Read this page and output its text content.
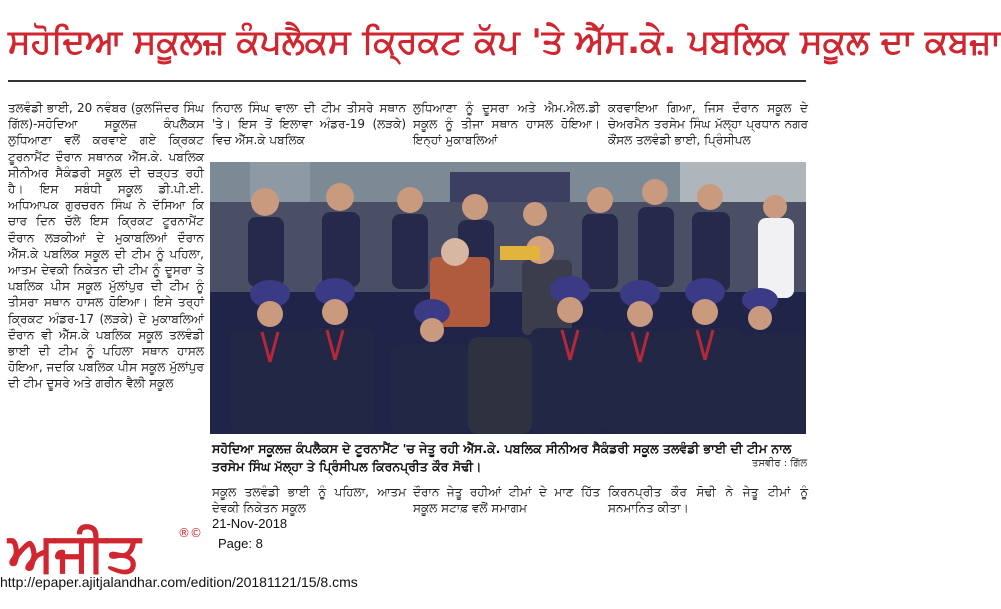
ਸਹੋਦਿਆ ਸਕੂਲਜ਼ ਕੰਪਲੈਕਸ ਕ੍ਰਿਕਟ ਕੱਪ 'ਤੇ ਐੱਸ.ਕੇ. ਪਬਲਿਕ ਸਕੂਲ ਦਾ ਕਬਜ਼ਾ
ਤਲਵੰਡੀ ਭਾਈ, 20 ਨਵੰਬਰ (ਕੁਲਜਿੰਦਰ ਸਿੰਘ ਗਿੱਲ)-ਸਹੋਦਿਆ ਸਕੂਲਜ਼ ਕੰਪਲੈਕਸ ਲੁਧਿਆਣਾ ਵਲੋਂ ਕਰਵਾਏ ਗਏ ਕ੍ਰਿਕਟ ਟੂਰਨਾਮੈਂਟ ਦੌਰਾਨ ਸਥਾਨਕ ਐੱਸ.ਕੇ. ਪਬਲਿਕ ਸੀਨੀਅਰ ਸੈਕੰਡਰੀ ਸਕੂਲ ਦੀ ਚੜ੍ਹਤ ਰਹੀ ਹੈ। ਇਸ ਸਬੰਧੀ ਸਕੂਲ ਡੀ.ਪੀ.ਈ. ਅਧਿਆਪਕ ਗੁਰਚਰਨ ਸਿੰਘ ਨੇ ਦੱਸਿਆ ਕਿ ਚਾਰ ਦਿਨ ਚੱਲੇ ਇਸ ਕ੍ਰਿਕਟ ਟੂਰਨਾਮੈਂਟ ਦੌਰਾਨ ਲੜਕੀਆਂ ਦੇ ਮੁਕਾਬਲਿਆਂ ਦੌਰਾਨ ਐੱਸ.ਕੇ ਪਬਲਿਕ ਸਕੂਲ ਦੀ ਟੀਮ ਨੂੰ ਪਹਿਲਾ, ਆਤਮ ਦੇਵਕੀ ਨਿਕੇਤਨ ਦੀ ਟੀਮ ਨੂੰ ਦੂਸਰਾ ਤੇ ਪਬਲਿਕ ਪੀਸ ਸਕੂਲ ਮੁੱਲਾਂਪੁਰ ਦੀ ਟੀਮ ਨੂੰ ਤੀਸਰਾ ਸਥਾਨ ਹਾਸਲ ਹੋਇਆ। ਇਸੇ ਤਰ੍ਹਾਂ ਕ੍ਰਿਕਟ ਅੰਡਰ-17 (ਲੜਕੇ) ਦੇ ਮੁਕਾਬਲਿਆਂ ਦੌਰਾਨ ਵੀ ਐੱਸ.ਕੇ ਪਬਲਿਕ ਸਕੂਲ ਤਲਵੰਡੀ ਭਾਈ ਦੀ ਟੀਮ ਨੂੰ ਪਹਿਲਾ ਸਥਾਨ ਹਾਸਲ ਹੋਇਆ, ਜਦਕਿ ਪਬਲਿਕ ਪੀਸ ਸਕੂਲ ਮੁੱਲਾਂਪੁਰ ਦੀ ਟੀਮ ਦੂਸਰੇ ਅਤੇ ਗਰੀਨ ਵੈਲੀ ਸਕੂਲ
ਨਿਹਾਲ ਸਿੰਘ ਵਾਲਾ ਦੀ ਟੀਮ ਤੀਸਰੇ ਸਥਾਨ 'ਤੇ। ਇਸ ਤੋਂ ਇਲਾਵਾ ਅੰਡਰ-19 (ਲੜਕੇ) ਵਿਚ ਐੱਸ.ਕੇ ਪਬਲਿਕ
ਲੁਧਿਆਣਾ ਨੂੰ ਦੂਸਰਾ ਅਤੇ ਐਮ.ਐਲ.ਡੀ ਸਕੂਲ ਨੂੰ ਤੀਜਾ ਸਥਾਨ ਹਾਸਲ ਹੋਇਆ। ਇਨ੍ਹਾਂ ਮੁਕਾਬਲਿਆਂ
ਕਰਵਾਇਆ ਗਿਆ, ਜਿਸ ਦੌਰਾਨ ਸਕੂਲ ਦੇ ਚੇਅਰਮੈਨ ਤਰਸੇਮ ਸਿੰਘ ਮੱਲ੍ਹਾ ਪ੍ਰਧਾਨ ਨਗਰ ਕੌਂਸਲ ਤਲਵੰਡੀ ਭਾਈ, ਪ੍ਰਿੰਸੀਪਲ
ਸਹੋਦਿਆ ਸਕੂਲਜ਼ ਕੰਪਲੈਕਸ ਦੇ ਟੂਰਨਾਮੈਂਟ 'ਚ ਜੇਤੂ ਰਹੀ ਐੱਸ.ਕੇ. ਪਬਲਿਕ ਸੀਨੀਅਰ ਸੈਕੰਡਰੀ ਸਕੂਲ ਤਲਵੰਡੀ ਭਾਈ ਦੀ ਟੀਮ ਨਾਲ ਤਰਸੇਮ ਸਿੰਘ ਮੱਲ੍ਹਾ ਤੇ ਪ੍ਰਿੰਸੀਪਲ ਕਿਰਨਪ੍ਰੀਤ ਕੌਰ ਸੋਢੀ।	ਤਸਵੀਰ : ਗਿੱਲ
ਸਕੂਲ ਤਲਵੰਡੀ ਭਾਈ ਨੂੰ ਪਹਿਲਾ, ਆਤਮ ਦੇਵਕੀ ਨਿਕੇਤਨ ਸਕੂਲ
ਦੌਰਾਨ ਜੇਤੂ ਰਹੀਆਂ ਟੀਮਾਂ ਦੇ ਮਾਣ ਹਿੱਤ ਸਕੂਲ ਸਟਾਫ਼ ਵਲੋਂ ਸਮਾਗਮ
ਕਿਰਨਪ੍ਰੀਤ ਕੌਰ ਸੋਢੀ ਨੇ ਜੇਤੂ ਟੀਮਾਂ ਨੂੰ ਸਨਮਾਨਿਤ ਕੀਤਾ।
ਅਜੀਤ	®©
21-Nov-2018
Page: 8
http://epaper.ajitjalandhar.com/edition/20181121/15/8.cms
